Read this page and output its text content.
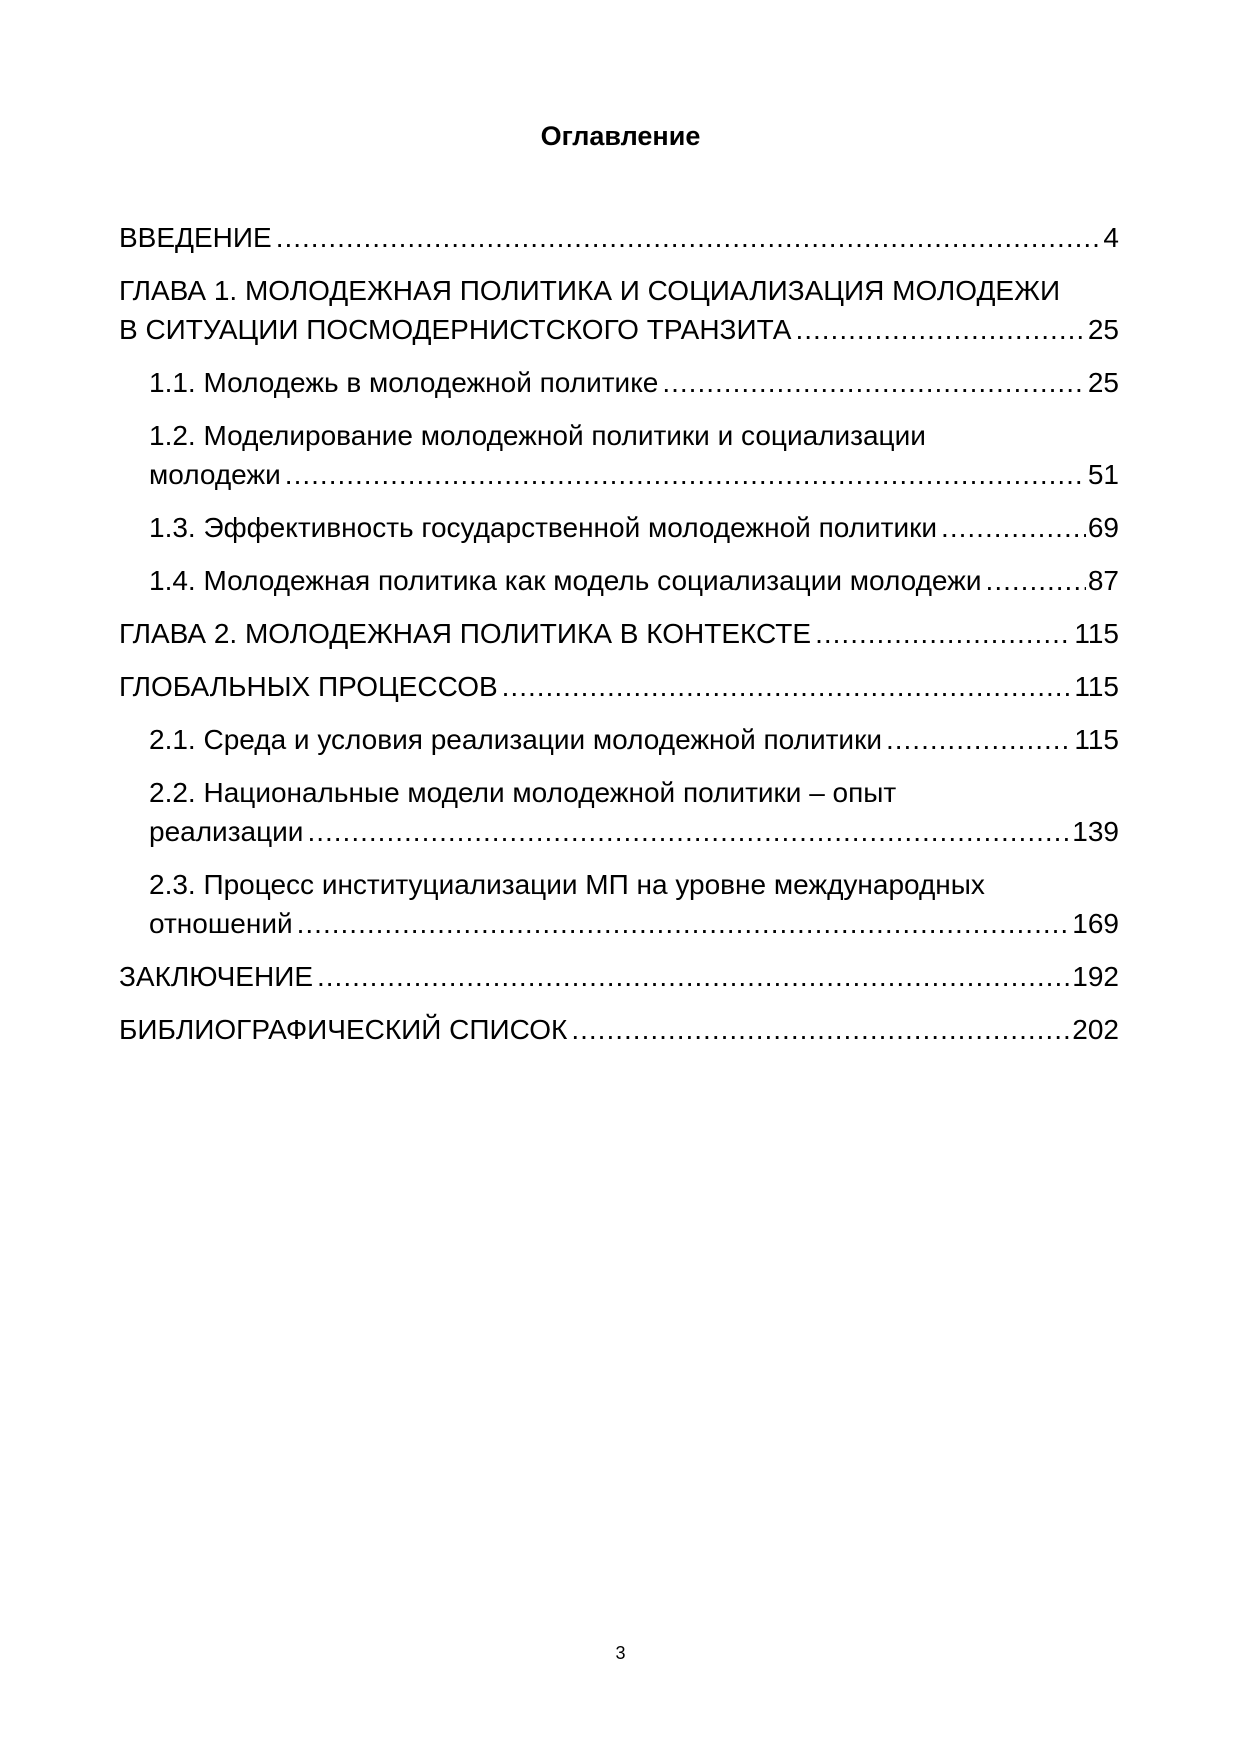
Оглавление
ВВЕДЕНИЕ .....	4
ГЛАВА 1. МОЛОДЕЖНАЯ ПОЛИТИКА И СОЦИАЛИЗАЦИЯ МОЛОДЕЖИ
В СИТУАЦИИ ПОСМОДЕРНИСТСКОГО ТРАНЗИТА .....	25
1.1. Молодежь в молодежной политике .....	25
1.2. Моделирование молодежной политики и социализации
молодежи .....	51
1.3. Эффективность государственной молодежной политики .....	69
1.4. Молодежная политика как модель социализации молодежи .....	87
ГЛАВА 2. МОЛОДЕЖНАЯ ПОЛИТИКА В КОНТЕКСТЕ .....	115
ГЛОБАЛЬНЫХ ПРОЦЕССОВ .....	115
2.1. Среда и условия реализации молодежной политики .....	115
2.2. Национальные модели молодежной политики – опыт
реализации .....	139
2.3. Процесс институциализации МП на уровне международных
отношений .....	169
ЗАКЛЮЧЕНИЕ .....	192
БИБЛИОГРАФИЧЕСКИЙ СПИСОК .....	202
3
